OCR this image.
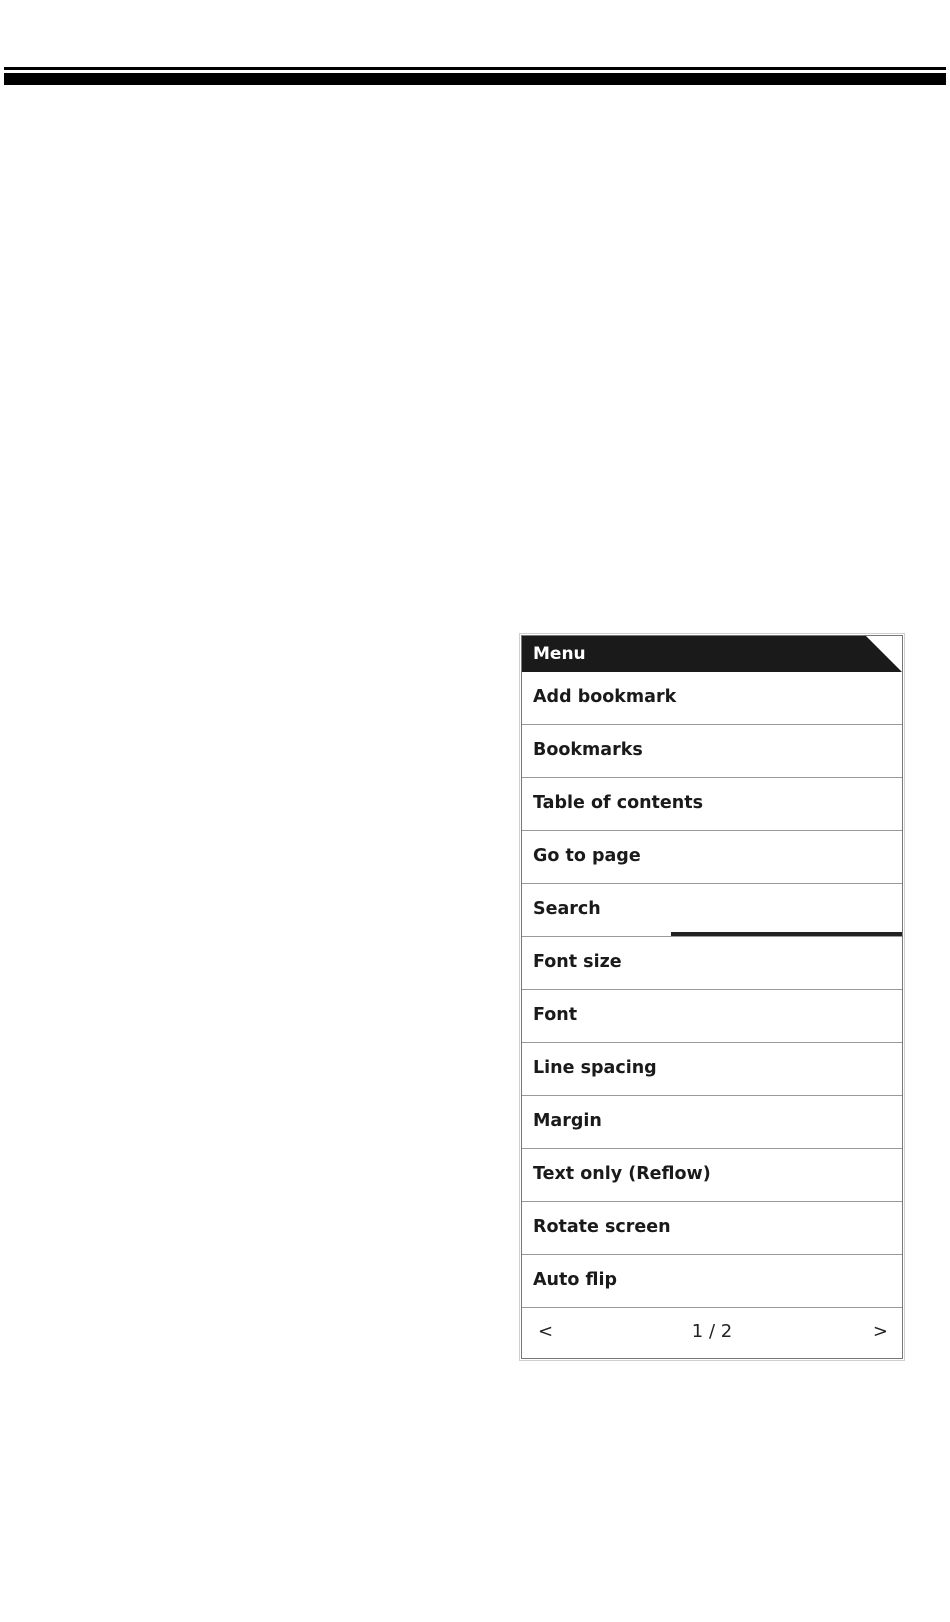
Menu
Add bookmark
Bookmarks
Table of contents
Go to page
Search
Font size
Font
Line spacing
Margin
Text only (Reflow)
Rotate screen
Auto flip
<	1 / 2	>
